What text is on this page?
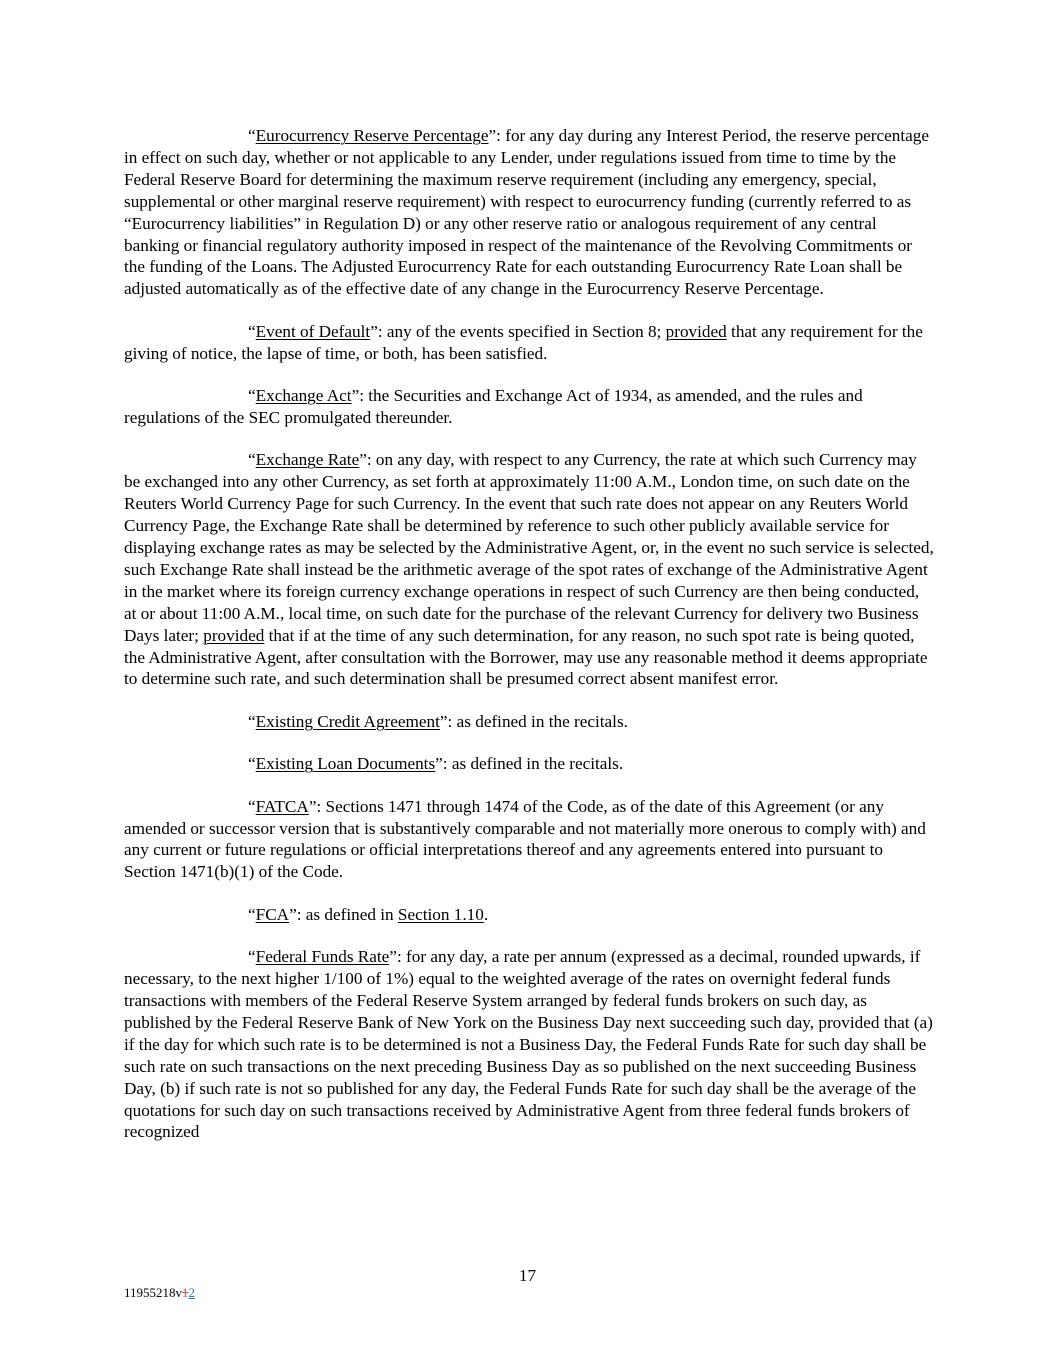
“Eurocurrency Reserve Percentage”: for any day during any Interest Period, the reserve percentage in effect on such day, whether or not applicable to any Lender, under regulations issued from time to time by the Federal Reserve Board for determining the maximum reserve requirement (including any emergency, special, supplemental or other marginal reserve requirement) with respect to eurocurrency funding (currently referred to as “Eurocurrency liabilities” in Regulation D) or any other reserve ratio or analogous requirement of any central banking or financial regulatory authority imposed in respect of the maintenance of the Revolving Commitments or the funding of the Loans. The Adjusted Eurocurrency Rate for each outstanding Eurocurrency Rate Loan shall be adjusted automatically as of the effective date of any change in the Eurocurrency Reserve Percentage.

“Event of Default”: any of the events specified in Section 8; provided that any requirement for the giving of notice, the lapse of time, or both, has been satisfied.

“Exchange Act”: the Securities and Exchange Act of 1934, as amended, and the rules and regulations of the SEC promulgated thereunder.

“Exchange Rate”: on any day, with respect to any Currency, the rate at which such Currency may be exchanged into any other Currency, as set forth at approximately 11:00 A.M., London time, on such date on the Reuters World Currency Page for such Currency. In the event that such rate does not appear on any Reuters World Currency Page, the Exchange Rate shall be determined by reference to such other publicly available service for displaying exchange rates as may be selected by the Administrative Agent, or, in the event no such service is selected, such Exchange Rate shall instead be the arithmetic average of the spot rates of exchange of the Administrative Agent in the market where its foreign currency exchange operations in respect of such Currency are then being conducted, at or about 11:00 A.M., local time, on such date for the purchase of the relevant Currency for delivery two Business Days later; provided that if at the time of any such determination, for any reason, no such spot rate is being quoted, the Administrative Agent, after consultation with the Borrower, may use any reasonable method it deems appropriate to determine such rate, and such determination shall be presumed correct absent manifest error.

“Existing Credit Agreement”: as defined in the recitals.

“Existing Loan Documents”: as defined in the recitals.

“FATCA”: Sections 1471 through 1474 of the Code, as of the date of this Agreement (or any amended or successor version that is substantively comparable and not materially more onerous to comply with) and any current or future regulations or official interpretations thereof and any agreements entered into pursuant to Section 1471(b)(1) of the Code.

“FCA”: as defined in Section 1.10.

“Federal Funds Rate”: for any day, a rate per annum (expressed as a decimal, rounded upwards, if necessary, to the next higher 1/100 of 1%) equal to the weighted average of the rates on overnight federal funds transactions with members of the Federal Reserve System arranged by federal funds brokers on such day, as published by the Federal Reserve Bank of New York on the Business Day next succeeding such day, provided that (a) if the day for which such rate is to be determined is not a Business Day, the Federal Funds Rate for such day shall be such rate on such transactions on the next preceding Business Day as so published on the next succeeding Business Day, (b) if such rate is not so published for any day, the Federal Funds Rate for such day shall be the average of the quotations for such day on such transactions received by Administrative Agent from three federal funds brokers of recognized

17
11955218v12
